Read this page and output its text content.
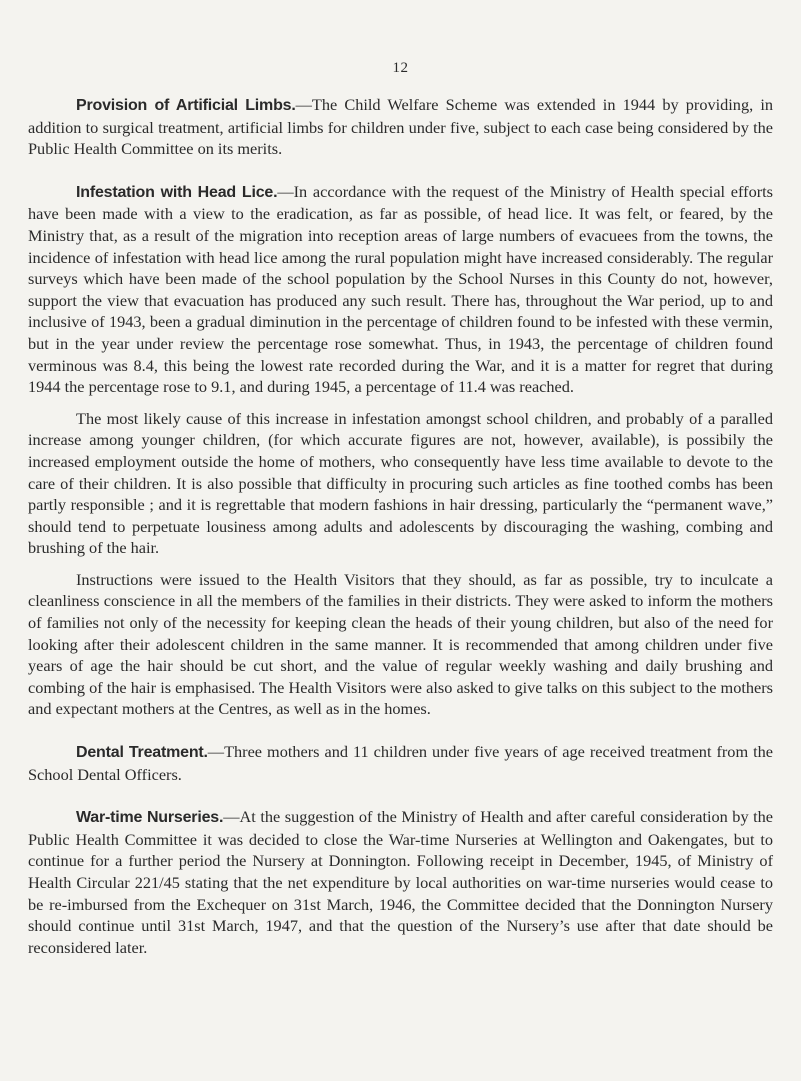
12

Provision of Artificial Limbs.—The Child Welfare Scheme was extended in 1944 by providing, in addition to surgical treatment, artificial limbs for children under five, subject to each case being considered by the Public Health Committee on its merits.

Infestation with Head Lice.—In accordance with the request of the Ministry of Health special efforts have been made with a view to the eradication, as far as possible, of head lice. It was felt, or feared, by the Ministry that, as a result of the migration into reception areas of large numbers of evacuees from the towns, the incidence of infestation with head lice among the rural population might have increased considerably. The regular surveys which have been made of the school population by the School Nurses in this County do not, however, support the view that evacuation has produced any such result. There has, throughout the War period, up to and inclusive of 1943, been a gradual diminution in the percentage of children found to be infested with these vermin, but in the year under review the percentage rose somewhat. Thus, in 1943, the percentage of children found verminous was 8.4, this being the lowest rate recorded during the War, and it is a matter for regret that during 1944 the percentage rose to 9.1, and during 1945, a percentage of 11.4 was reached.

The most likely cause of this increase in infestation amongst school children, and probably of a paralled increase among younger children, (for which accurate figures are not, however, available), is possibily the increased employment outside the home of mothers, who consequently have less time available to devote to the care of their children. It is also possible that difficulty in procuring such articles as fine toothed combs has been partly responsible ; and it is regrettable that modern fashions in hair dressing, particularly the “permanent wave,” should tend to perpetuate lousiness among adults and adolescents by discouraging the washing, combing and brushing of the hair.

Instructions were issued to the Health Visitors that they should, as far as possible, try to inculcate a cleanliness conscience in all the members of the families in their districts. They were asked to inform the mothers of families not only of the necessity for keeping clean the heads of their young children, but also of the need for looking after their adolescent children in the same manner. It is recommended that among children under five years of age the hair should be cut short, and the value of regular weekly washing and daily brushing and combing of the hair is emphasised. The Health Visitors were also asked to give talks on this subject to the mothers and expectant mothers at the Centres, as well as in the homes.

Dental Treatment.—Three mothers and 11 children under five years of age received treatment from the School Dental Officers.

War-time Nurseries.—At the suggestion of the Ministry of Health and after careful consideration by the Public Health Committee it was decided to close the War-time Nurseries at Wellington and Oakengates, but to continue for a further period the Nursery at Donnington. Following receipt in December, 1945, of Ministry of Health Circular 221/45 stating that the net expenditure by local authorities on war-time nurseries would cease to be re-imbursed from the Exchequer on 31st March, 1946, the Committee decided that the Donnington Nursery should continue until 31st March, 1947, and that the question of the Nursery’s use after that date should be reconsidered later.
